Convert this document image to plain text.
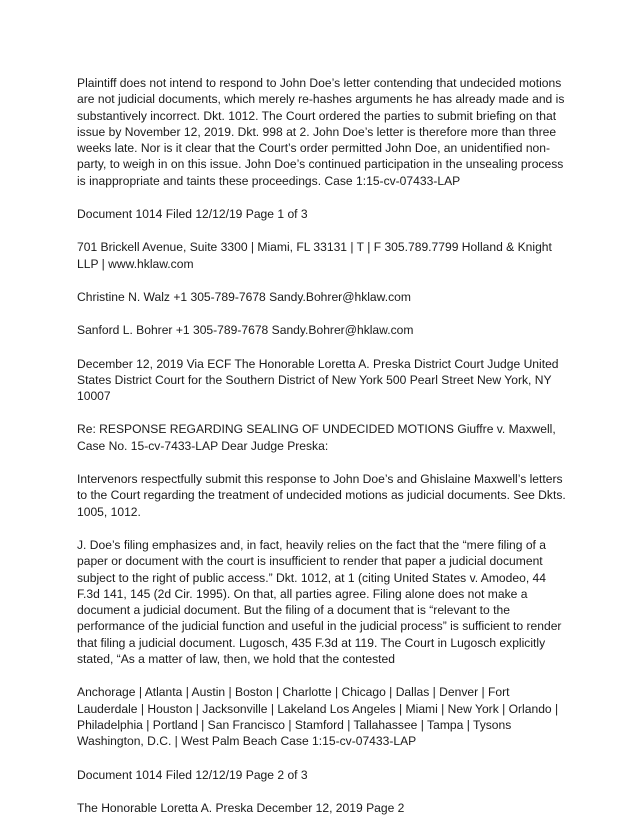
Plaintiff does not intend to respond to John Doe’s letter contending that undecided motions are not judicial documents, which merely re-hashes arguments he has already made and is substantively incorrect. Dkt. 1012. The Court ordered the parties to submit briefing on that issue by November 12, 2019. Dkt. 998 at 2. John Doe’s letter is therefore more than three weeks late. Nor is it clear that the Court’s order permitted John Doe, an unidentified non-party, to weigh in on this issue. John Doe’s continued participation in the unsealing process is inappropriate and taints these proceedings. Case 1:15-cv-07433-LAP

Document 1014 Filed 12/12/19 Page 1 of 3

701 Brickell Avenue, Suite 3300 | Miami, FL 33131 | T | F 305.789.7799 Holland & Knight LLP | www.hklaw.com

Christine N. Walz +1 305-789-7678 Sandy.Bohrer@hklaw.com

Sanford L. Bohrer +1 305-789-7678 Sandy.Bohrer@hklaw.com

December 12, 2019 Via ECF The Honorable Loretta A. Preska District Court Judge United States District Court for the Southern District of New York 500 Pearl Street New York, NY 10007

Re: RESPONSE REGARDING SEALING OF UNDECIDED MOTIONS Giuffre v. Maxwell, Case No. 15-cv-7433-LAP Dear Judge Preska:

Intervenors respectfully submit this response to John Doe’s and Ghislaine Maxwell’s letters to the Court regarding the treatment of undecided motions as judicial documents. See Dkts. 1005, 1012.

J. Doe’s filing emphasizes and, in fact, heavily relies on the fact that the “mere filing of a paper or document with the court is insufficient to render that paper a judicial document subject to the right of public access.” Dkt. 1012, at 1 (citing United States v. Amodeo, 44 F.3d 141, 145 (2d Cir. 1995). On that, all parties agree. Filing alone does not make a document a judicial document. But the filing of a document that is “relevant to the performance of the judicial function and useful in the judicial process” is sufficient to render that filing a judicial document. Lugosch, 435 F.3d at 119. The Court in Lugosch explicitly stated, “As a matter of law, then, we hold that the contested

Anchorage | Atlanta | Austin | Boston | Charlotte | Chicago | Dallas | Denver | Fort Lauderdale | Houston | Jacksonville | Lakeland Los Angeles | Miami | New York | Orlando | Philadelphia | Portland | San Francisco | Stamford | Tallahassee | Tampa | Tysons Washington, D.C. | West Palm Beach Case 1:15-cv-07433-LAP

Document 1014 Filed 12/12/19 Page 2 of 3

The Honorable Loretta A. Preska December 12, 2019 Page 2
